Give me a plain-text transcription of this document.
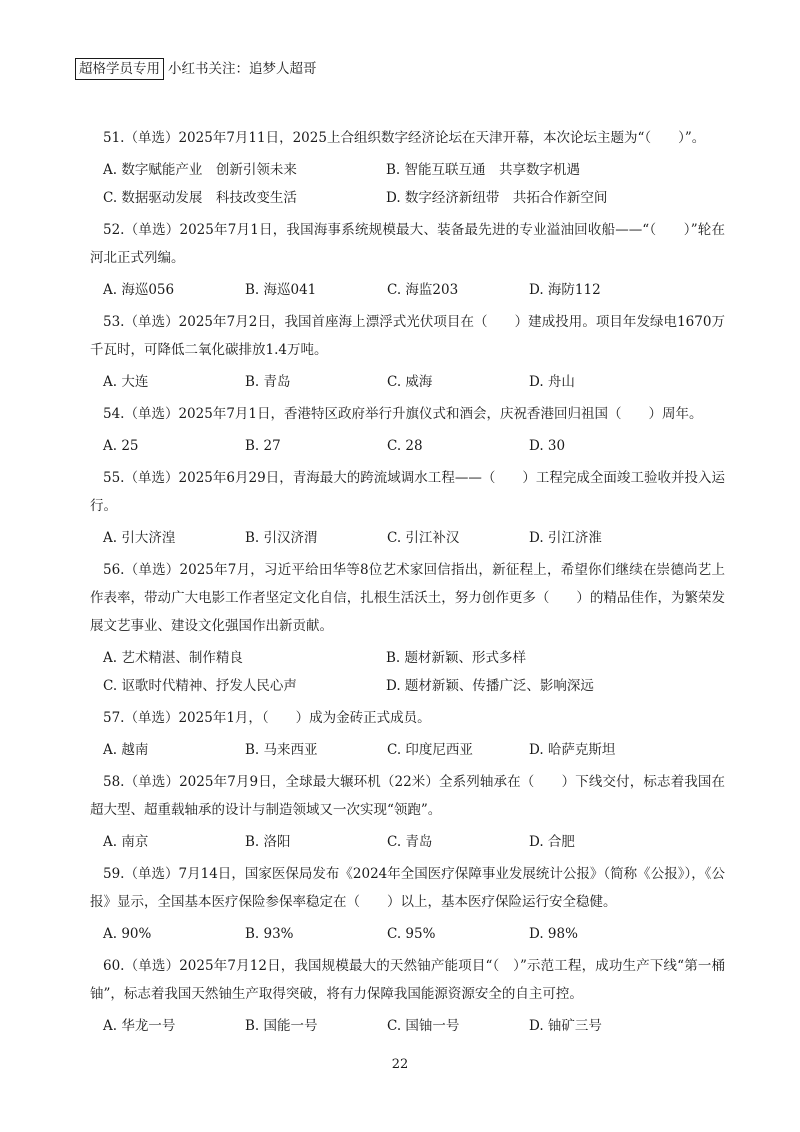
超格学员专用 小红书关注：追梦人超哥
51.（单选）2025年7月11日，2025上合组织数字经济论坛在天津开幕，本次论坛主题为“（　　）”。
A. 数字赋能产业　创新引领未来	B. 智能互联互通　共享数字机遇
C. 数据驱动发展　科技改变生活	D. 数字经济新纽带　共拓合作新空间
52.（单选）2025年7月1日，我国海事系统规模最大、装备最先进的专业溢油回收船——“（　　）”轮在河北正式列编。
A. 海巡056	B. 海巡041	C. 海监203	D. 海防112
53.（单选）2025年7月2日，我国首座海上漂浮式光伏项目在（　　）建成投用。项目年发绿电1670万千瓦时，可降低二氧化碳排放1.4万吨。
A. 大连	B. 青岛	C. 威海	D. 舟山
54.（单选）2025年7月1日，香港特区政府举行升旗仪式和酒会，庆祝香港回归祖国（　　）周年。
A. 25	B. 27	C. 28	D. 30
55.（单选）2025年6月29日，青海最大的跨流域调水工程——（　　）工程完成全面竣工验收并投入运行。
A. 引大济湟	B. 引汉济渭	C. 引江补汉	D. 引江济淮
56.（单选）2025年7月，习近平给田华等8位艺术家回信指出，新征程上，希望你们继续在崇德尚艺上作表率，带动广大电影工作者坚定文化自信，扎根生活沃土，努力创作更多（　　）的精品佳作，为繁荣发展文艺事业、建设文化强国作出新贡献。
A. 艺术精湛、制作精良	B. 题材新颖、形式多样
C. 讴歌时代精神、抒发人民心声	D. 题材新颖、传播广泛、影响深远
57.（单选）2025年1月，（　　）成为金砖正式成员。
A. 越南	B. 马来西亚	C. 印度尼西亚	D. 哈萨克斯坦
58.（单选）2025年7月9日，全球最大辗环机（22米）全系列轴承在（　　）下线交付，标志着我国在超大型、超重载轴承的设计与制造领域又一次实现“领跑”。
A. 南京	B. 洛阳	C. 青岛	D. 合肥
59.（单选）7月14日，国家医保局发布《2024年全国医疗保障事业发展统计公报》（简称《公报》），《公报》显示，全国基本医疗保险参保率稳定在（　　）以上，基本医疗保险运行安全稳健。
A. 90%	B. 93%	C. 95%	D. 98%
60.（单选）2025年7月12日，我国规模最大的天然铀产能项目“（　）”示范工程，成功生产下线“第一桶铀”，标志着我国天然铀生产取得突破，将有力保障我国能源资源安全的自主可控。
A. 华龙一号	B. 国能一号	C. 国铀一号	D. 铀矿三号
22
